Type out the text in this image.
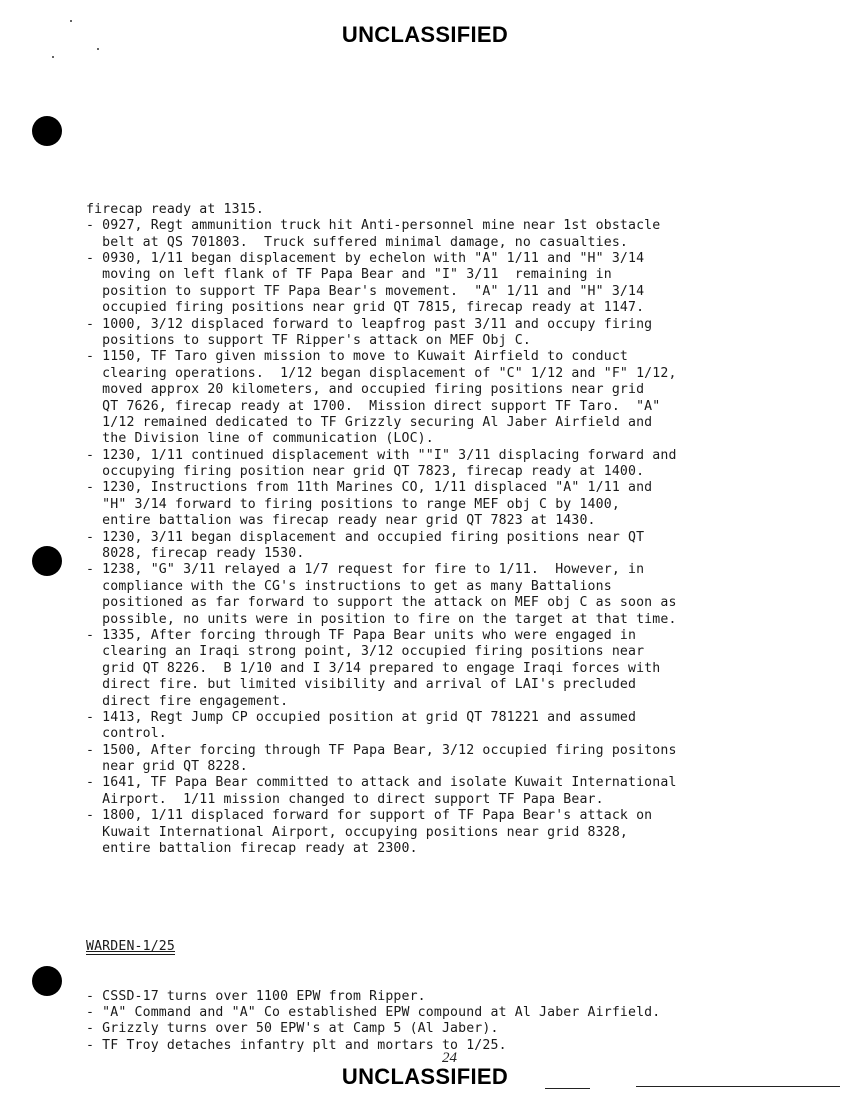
UNCLASSIFIED

firecap ready at 1315.
- 0927, Regt ammunition truck hit Anti-personnel mine near 1st obstacle
belt at QS 701803.  Truck suffered minimal damage, no casualties.
- 0930, 1/11 began displacement by echelon with "A" 1/11 and "H" 3/14
moving on left flank of TF Papa Bear and "I" 3/11  remaining in
position to support TF Papa Bear's movement.  "A" 1/11 and "H" 3/14
occupied firing positions near grid QT 7815, firecap ready at 1147.
- 1000, 3/12 displaced forward to leapfrog past 3/11 and occupy firing
positions to support TF Ripper's attack on MEF Obj C.
- 1150, TF Taro given mission to move to Kuwait Airfield to conduct
clearing operations.  1/12 began displacement of "C" 1/12 and "F" 1/12,
moved approx 20 kilometers, and occupied firing positions near grid
QT 7626, firecap ready at 1700.  Mission direct support TF Taro.  "A"
1/12 remained dedicated to TF Grizzly securing Al Jaber Airfield and
the Division line of communication (LOC).
- 1230, 1/11 continued displacement with ""I" 3/11 displacing forward and
occupying firing position near grid QT 7823, firecap ready at 1400.
- 1230, Instructions from 11th Marines CO, 1/11 displaced "A" 1/11 and
"H" 3/14 forward to firing positions to range MEF obj C by 1400,
entire battalion was firecap ready near grid QT 7823 at 1430.
- 1230, 3/11 began displacement and occupied firing positions near QT
8028, firecap ready 1530.
- 1238, "G" 3/11 relayed a 1/7 request for fire to 1/11.  However, in
compliance with the CG's instructions to get as many Battalions
positioned as far forward to support the attack on MEF obj C as soon as
possible, no units were in position to fire on the target at that time.
- 1335, After forcing through TF Papa Bear units who were engaged in
clearing an Iraqi strong point, 3/12 occupied firing positions near
grid QT 8226.  B 1/10 and I 3/14 prepared to engage Iraqi forces with
direct fire. but limited visibility and arrival of LAI's precluded
direct fire engagement.
- 1413, Regt Jump CP occupied position at grid QT 781221 and assumed
control.
- 1500, After forcing through TF Papa Bear, 3/12 occupied firing positons
near grid QT 8228.
- 1641, TF Papa Bear committed to attack and isolate Kuwait International
Airport.  1/11 mission changed to direct support TF Papa Bear.
- 1800, 1/11 displaced forward for support of TF Papa Bear's attack on
Kuwait International Airport, occupying positions near grid 8328,
entire battalion firecap ready at 2300.

WARDEN-1/25

- CSSD-17 turns over 1100 EPW from Ripper.
- "A" Command and "A" Co established EPW compound at Al Jaber Airfield.
- Grizzly turns over 50 EPW's at Camp 5 (Al Jaber).
- TF Troy detaches infantry plt and mortars to 1/25.

24
UNCLASSIFIED
